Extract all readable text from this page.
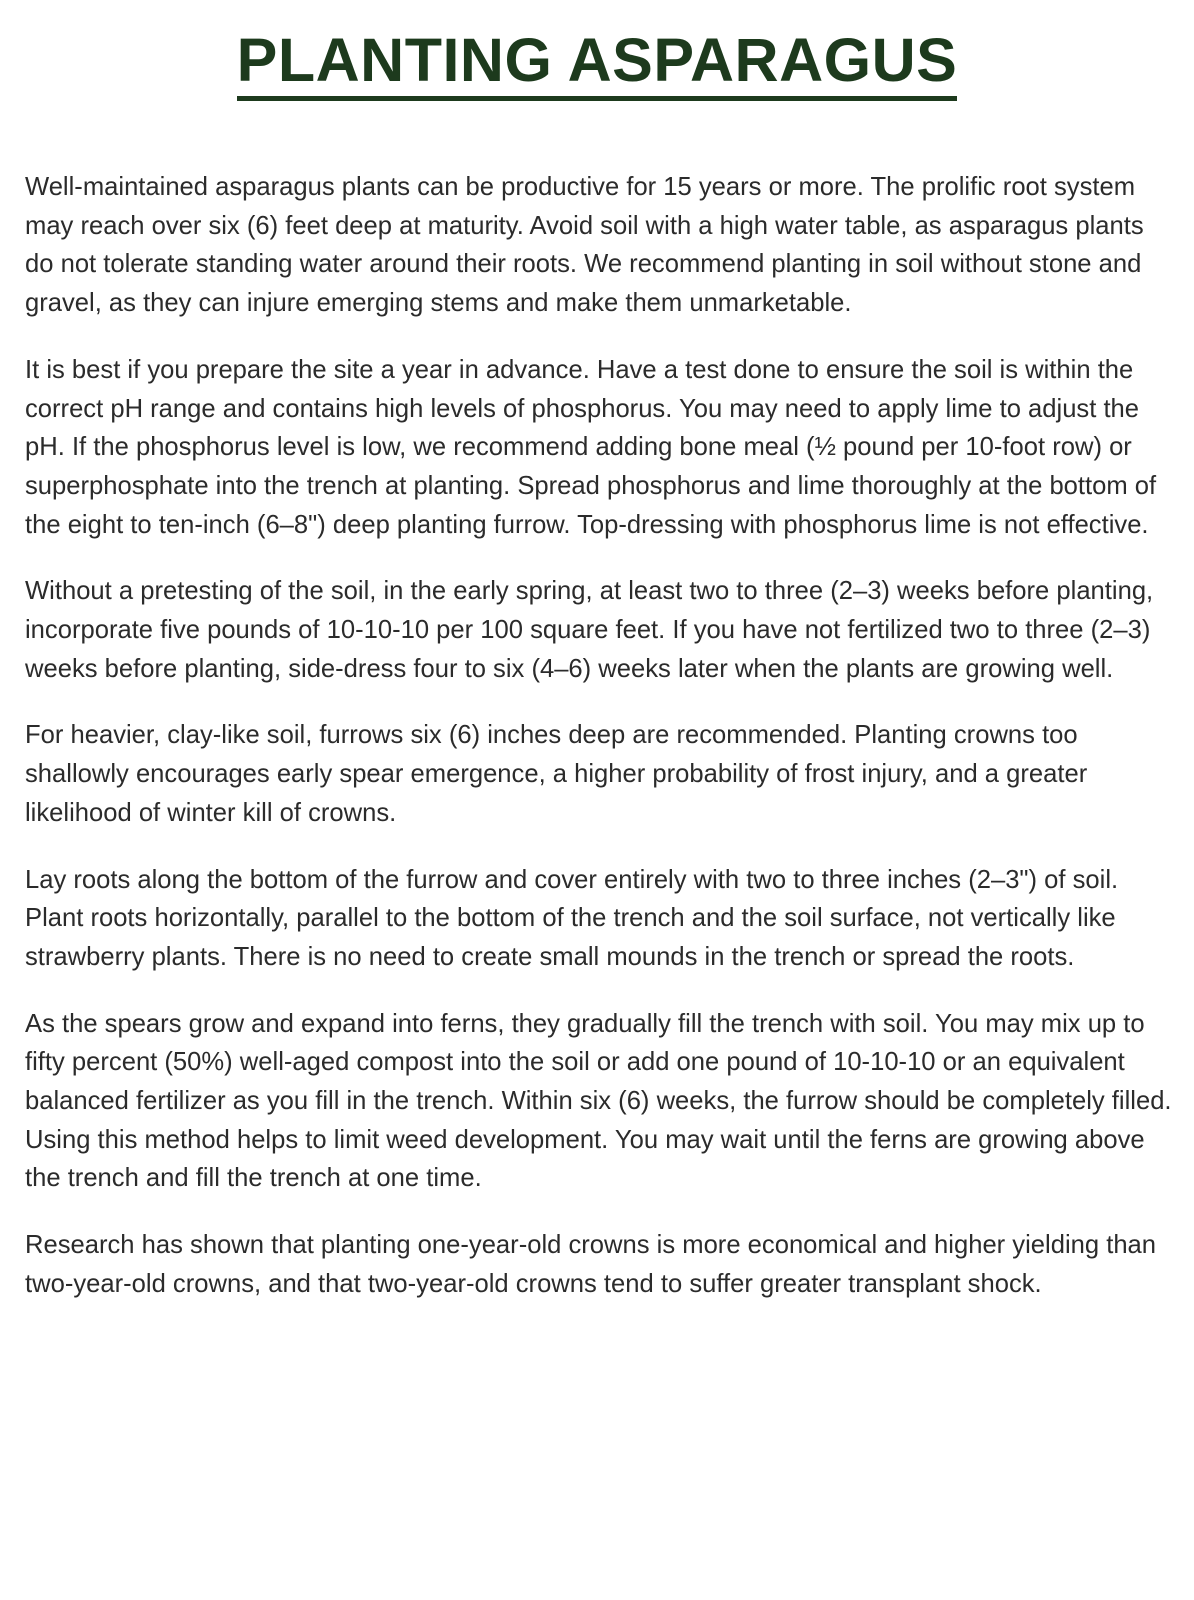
PLANTING ASPARAGUS

Well-maintained asparagus plants can be productive for 15 years or more. The prolific root system may reach over six (6) feet deep at maturity. Avoid soil with a high water table, as asparagus plants do not tolerate standing water around their roots. We recommend planting in soil without stone and gravel, as they can injure emerging stems and make them unmarketable.

It is best if you prepare the site a year in advance. Have a test done to ensure the soil is within the correct pH range and contains high levels of phosphorus. You may need to apply lime to adjust the pH. If the phosphorus level is low, we recommend adding bone meal (½ pound per 10-foot row) or superphosphate into the trench at planting. Spread phosphorus and lime thoroughly at the bottom of the eight to ten-inch (6–8") deep planting furrow. Top-dressing with phosphorus lime is not effective.

Without a pretesting of the soil, in the early spring, at least two to three (2–3) weeks before planting, incorporate five pounds of 10-10-10 per 100 square feet. If you have not fertilized two to three (2–3) weeks before planting, side-dress four to six (4–6) weeks later when the plants are growing well.

For heavier, clay-like soil, furrows six (6) inches deep are recommended. Planting crowns too shallowly encourages early spear emergence, a higher probability of frost injury, and a greater likelihood of winter kill of crowns.

Lay roots along the bottom of the furrow and cover entirely with two to three inches (2–3") of soil. Plant roots horizontally, parallel to the bottom of the trench and the soil surface, not vertically like strawberry plants. There is no need to create small mounds in the trench or spread the roots.

As the spears grow and expand into ferns, they gradually fill the trench with soil. You may mix up to fifty percent (50%) well-aged compost into the soil or add one pound of 10-10-10 or an equivalent balanced fertilizer as you fill in the trench. Within six (6) weeks, the furrow should be completely filled. Using this method helps to limit weed development. You may wait until the ferns are growing above the trench and fill the trench at one time.

Research has shown that planting one-year-old crowns is more economical and higher yielding than two-year-old crowns, and that two-year-old crowns tend to suffer greater transplant shock.
